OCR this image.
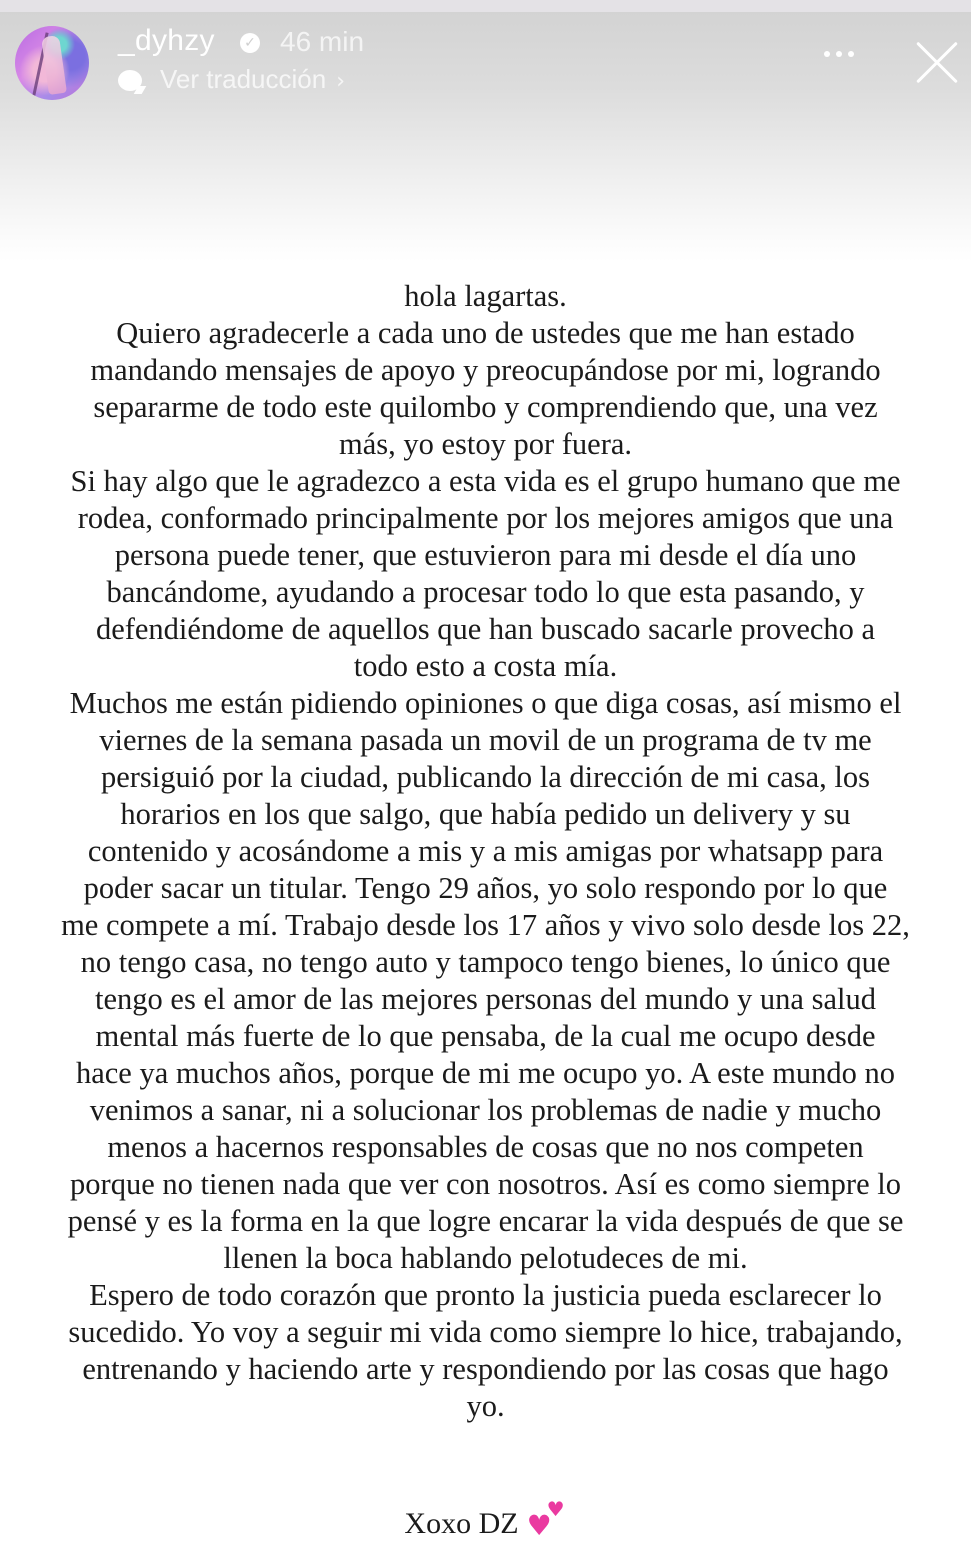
_dyhzy ✓ 46 min
Ver traducción ›
hola lagartas.
Quiero agradecerle a cada uno de ustedes que me han estado
mandando mensajes de apoyo y preocupándose por mi, logrando
separarme de todo este quilombo y comprendiendo que, una vez
más, yo estoy por fuera.
Si hay algo que le agradezco a esta vida es el grupo humano que me
rodea, conformado principalmente por los mejores amigos que una
persona puede tener, que estuvieron para mi desde el día uno
bancándome, ayudando a procesar todo lo que esta pasando, y
defendiéndome de aquellos que han buscado sacarle provecho a
todo esto a costa mía.
Muchos me están pidiendo opiniones o que diga cosas, así mismo el
viernes de la semana pasada un movil de un programa de tv me
persiguió por la ciudad, publicando la dirección de mi casa, los
horarios en los que salgo, que había pedido un delivery y su
contenido y acosándome a mis y a mis amigas por whatsapp para
poder sacar un titular. Tengo 29 años, yo solo respondo por lo que
me compete a mí. Trabajo desde los 17 años y vivo solo desde los 22,
no tengo casa, no tengo auto y tampoco tengo bienes, lo único que
tengo es el amor de las mejores personas del mundo y una salud
mental más fuerte de lo que pensaba, de la cual me ocupo desde
hace ya muchos años, porque de mi me ocupo yo. A este mundo no
venimos a sanar, ni a solucionar los problemas de nadie y mucho
menos a hacernos responsables de cosas que no nos competen
porque no tienen nada que ver con nosotros. Así es como siempre lo
pensé y es la forma en la que logre encarar la vida después de que se
llenen la boca hablando pelotudeces de mi.
Espero de todo corazón que pronto la justicia pueda esclarecer lo
sucedido. Yo voy a seguir mi vida como siempre lo hice, trabajando,
entrenando y haciendo arte y respondiendo por las cosas que hago
yo.
Xoxo DZ ♥
♥
